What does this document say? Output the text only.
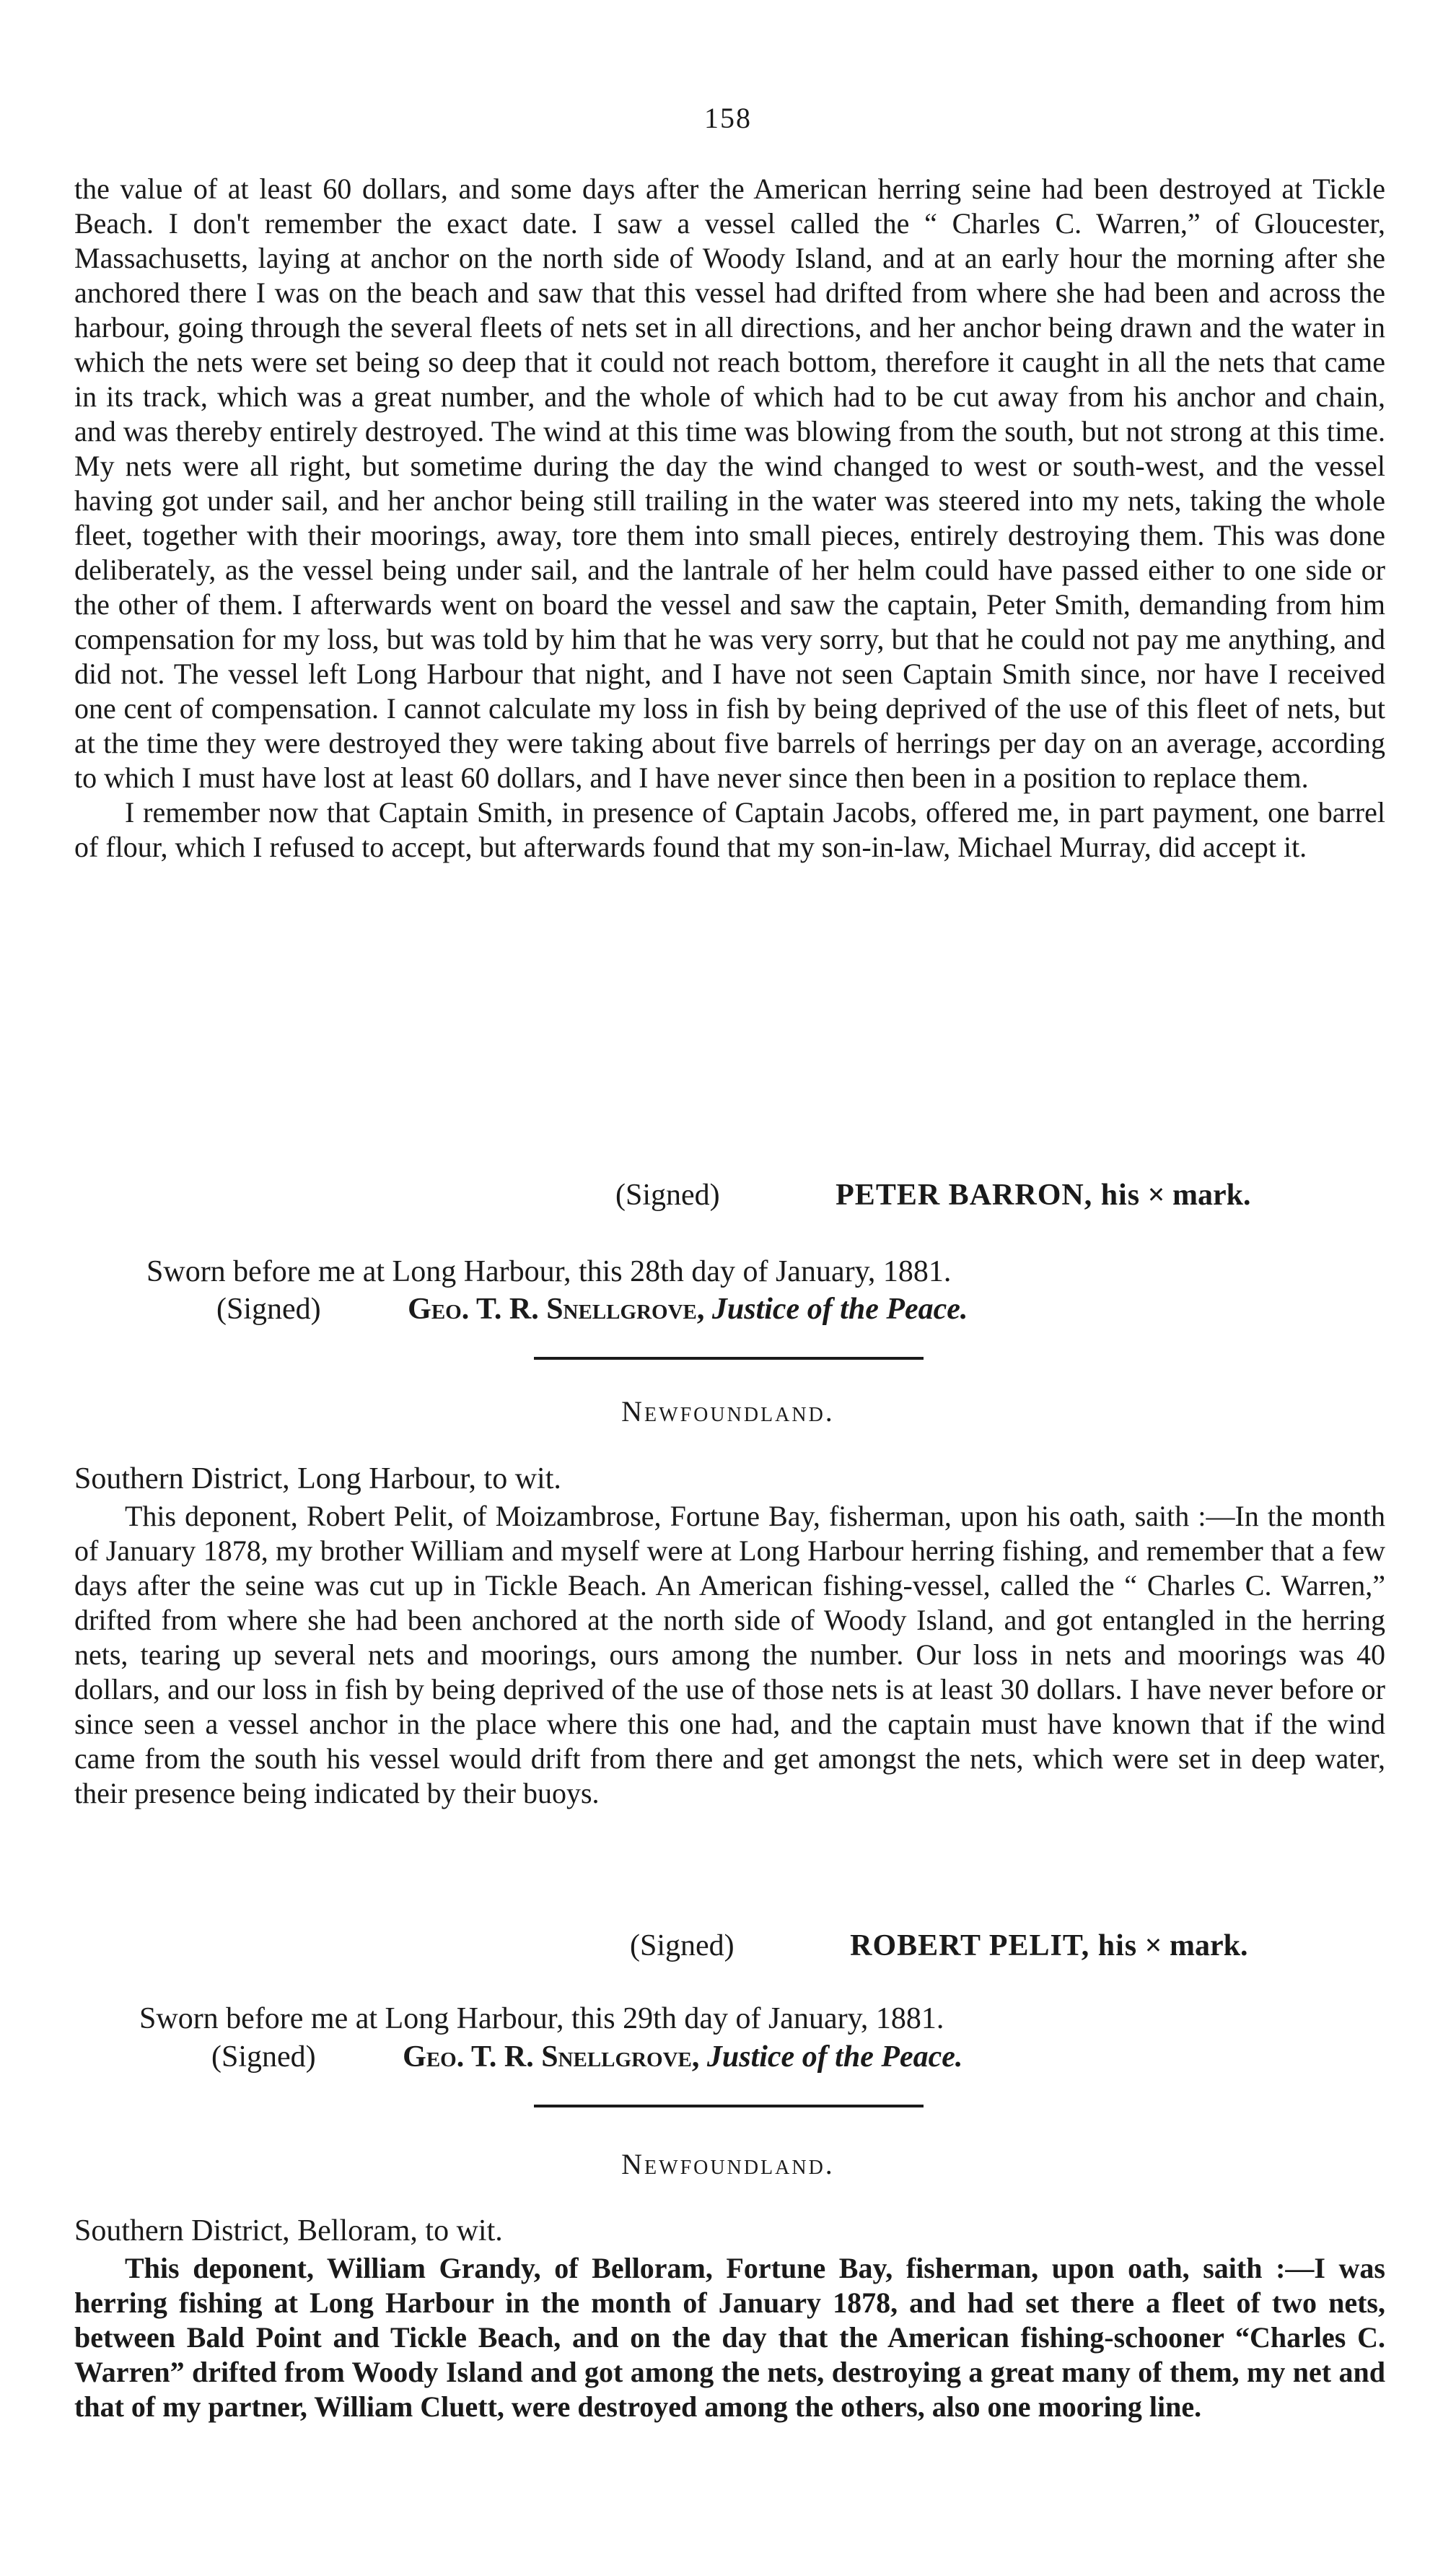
158

the value of at least 60 dollars, and some days after the American herring seine had been destroyed at Tickle Beach. I don't remember the exact date. I saw a vessel called the “ Charles C. Warren,” of Gloucester, Massachusetts, laying at anchor on the north side of Woody Island, and at an early hour the morning after she anchored there I was on the beach and saw that this vessel had drifted from where she had been and across the harbour, going through the several fleets of nets set in all directions, and her anchor being drawn and the water in which the nets were set being so deep that it could not reach bottom, therefore it caught in all the nets that came in its track, which was a great number, and the whole of which had to be cut away from his anchor and chain, and was thereby entirely destroyed. The wind at this time was blowing from the south, but not strong at this time. My nets were all right, but sometime during the day the wind changed to west or south-west, and the vessel having got under sail, and her anchor being still trailing in the water was steered into my nets, taking the whole fleet, together with their moorings, away, tore them into small pieces, entirely destroying them. This was done deliberately, as the vessel being under sail, and the lantrale of her helm could have passed either to one side or the other of them. I afterwards went on board the vessel and saw the captain, Peter Smith, demanding from him compensation for my loss, but was told by him that he was very sorry, but that he could not pay me anything, and did not. The vessel left Long Harbour that night, and I have not seen Captain Smith since, nor have I received one cent of compensation. I cannot calculate my loss in fish by being deprived of the use of this fleet of nets, but at the time they were destroyed they were taking about five barrels of herrings per day on an average, according to which I must have lost at least 60 dollars, and I have never since then been in a position to replace them.

I remember now that Captain Smith, in presence of Captain Jacobs, offered me, in part payment, one barrel of flour, which I refused to accept, but afterwards found that my son-in-law, Michael Murray, did accept it.

(Signed)	PETER BARRON, his × mark.
Sworn before me at Long Harbour, this 28th day of January, 1881.
(Signed)	Geo. T. R. Snellgrove, Justice of the Peace.
Newfoundland.
Southern District, Long Harbour, to wit.

This deponent, Robert Pelit, of Moizambrose, Fortune Bay, fisherman, upon his oath, saith :—In the month of January 1878, my brother William and myself were at Long Harbour herring fishing, and remember that a few days after the seine was cut up in Tickle Beach. An American fishing-vessel, called the “ Charles C. Warren,” drifted from where she had been anchored at the north side of Woody Island, and got entangled in the herring nets, tearing up several nets and moorings, ours among the number. Our loss in nets and moorings was 40 dollars, and our loss in fish by being deprived of the use of those nets is at least 30 dollars. I have never before or since seen a vessel anchor in the place where this one had, and the captain must have known that if the wind came from the south his vessel would drift from there and get amongst the nets, which were set in deep water, their presence being indicated by their buoys.

(Signed)	ROBERT PELIT, his × mark.
Sworn before me at Long Harbour, this 29th day of January, 1881.
(Signed)	Geo. T. R. Snellgrove, Justice of the Peace.
Newfoundland.
Southern District, Belloram, to wit.

This deponent, William Grandy, of Belloram, Fortune Bay, fisherman, upon oath, saith :—I was herring fishing at Long Harbour in the month of January 1878, and had set there a fleet of two nets, between Bald Point and Tickle Beach, and on the day that the American fishing-schooner “Charles C. Warren” drifted from Woody Island and got among the nets, destroying a great many of them, my net and that of my partner, William Cluett, were destroyed among the others, also one mooring line.
